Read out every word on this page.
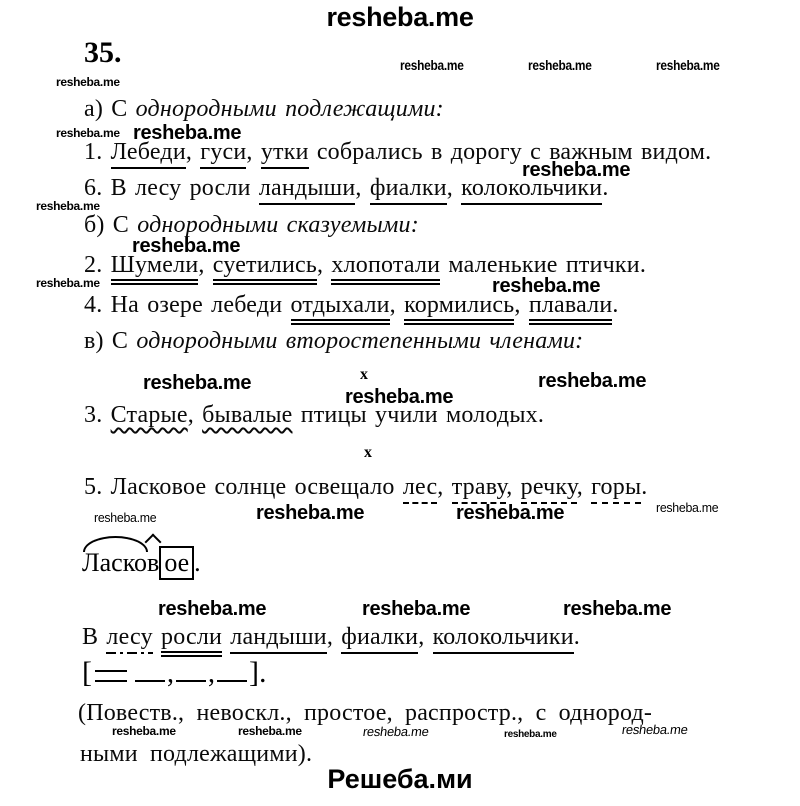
resheba.me
35.	resheba.me	resheba.me	resheba.me
resheba.me
а) С однородными подлежащими:
resheba.me resheba.me
1. Лебеди, гуси, утки собрались в дорогу с важным видом.
resheba.me
6. В лесу росли ландыши, фиалки, колокольчики.
resheba.me
б) С однородными сказуемыми:
resheba.me
2. Шумели, суетились, хлопотали маленькие птички.
resheba.me	resheba.me
4. На озере лебеди отдыхали, кормились, плавали.
в) С однородными второстепенными членами:
resheba.me	х	resheba.me
resheba.me
3. Старые, бывалые птицы учили молодых.
х
5. Ласковое солнце освещало лес, траву, речку, горы.
resheba.me	resheba.me	resheba.me	resheba.me
Ласков ое .
resheba.me	resheba.me	resheba.me
В лесу росли ландыши, фиалки, колокольчики.
[	, , ].
(Повеств., невоскл., простое, распростр., с однород-
resheba.me	resheba.me	resheba.me	resheba.me	resheba.me
ными подлежащими).
Решеба.ми
